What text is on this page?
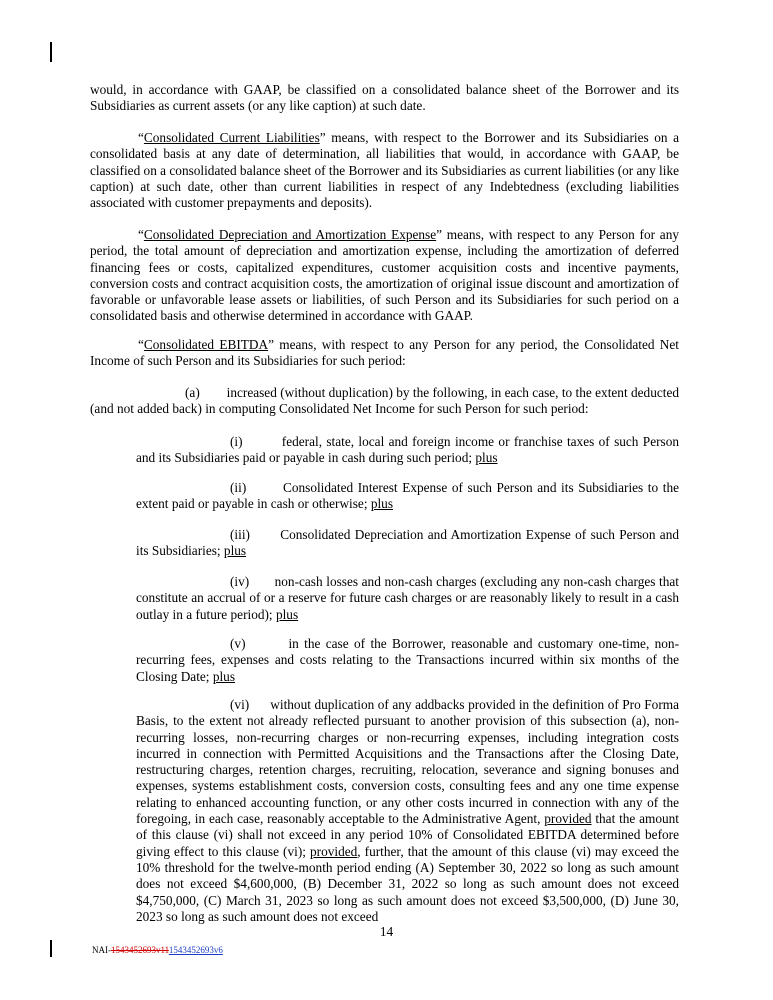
would, in accordance with GAAP, be classified on a consolidated balance sheet of the Borrower and its Subsidiaries as current assets (or any like caption) at such date.

“Consolidated Current Liabilities” means, with respect to the Borrower and its Subsidiaries on a consolidated basis at any date of determination, all liabilities that would, in accordance with GAAP, be classified on a consolidated balance sheet of the Borrower and its Subsidiaries as current liabilities (or any like caption) at such date, other than current liabilities in respect of any Indebtedness (excluding liabilities associated with customer prepayments and deposits).

“Consolidated Depreciation and Amortization Expense” means, with respect to any Person for any period, the total amount of depreciation and amortization expense, including the amortization of deferred financing fees or costs, capitalized expenditures, customer acquisition costs and incentive payments, conversion costs and contract acquisition costs, the amortization of original issue discount and amortization of favorable or unfavorable lease assets or liabilities, of such Person and its Subsidiaries for such period on a consolidated basis and otherwise determined in accordance with GAAP.

“Consolidated EBITDA” means, with respect to any Person for any period, the Consolidated Net Income of such Person and its Subsidiaries for such period:

(a) increased (without duplication) by the following, in each case, to the extent deducted (and not added back) in computing Consolidated Net Income for such Person for such period:

(i)	federal, state, local and foreign income or franchise taxes of such Person and its Subsidiaries paid or payable in cash during such period; plus

(ii)	Consolidated Interest Expense of such Person and its Subsidiaries to the extent paid or payable in cash or otherwise; plus

(iii) Consolidated Depreciation and Amortization Expense of such Person and its Subsidiaries; plus

(iv) non-cash losses and non-cash charges (excluding any non-cash charges that constitute an accrual of or a reserve for future cash charges or are reasonably likely to result in a cash outlay in a future period); plus

(v)	in the case of the Borrower, reasonable and customary one-time, non-recurring fees, expenses and costs relating to the Transactions incurred within six months of the Closing Date; plus

(vi) without duplication of any addbacks provided in the definition of Pro Forma Basis, to the extent not already reflected pursuant to another provision of this subsection (a), non-recurring losses, non-recurring charges or non-recurring expenses, including integration costs incurred in connection with Permitted Acquisitions and the Transactions after the Closing Date, restructuring charges, retention charges, recruiting, relocation, severance and signing bonuses and expenses, systems establishment costs, conversion costs, consulting fees and any one time expense relating to enhanced accounting function, or any other costs incurred in connection with any of the foregoing, in each case, reasonably acceptable to the Administrative Agent, provided that the amount of this clause (vi) shall not exceed in any period 10% of Consolidated EBITDA determined before giving effect to this clause (vi); provided, further, that the amount of this clause (vi) may exceed the 10% threshold for the twelve-month period ending (A) September 30, 2022 so long as such amount does not exceed $4,600,000, (B) December 31, 2022 so long as such amount does not exceed $4,750,000, (C) March 31, 2023 so long as such amount does not exceed $3,500,000, (D) June 30, 2023 so long as such amount does not exceed

14
NAI-1543452693v111543452693v6
